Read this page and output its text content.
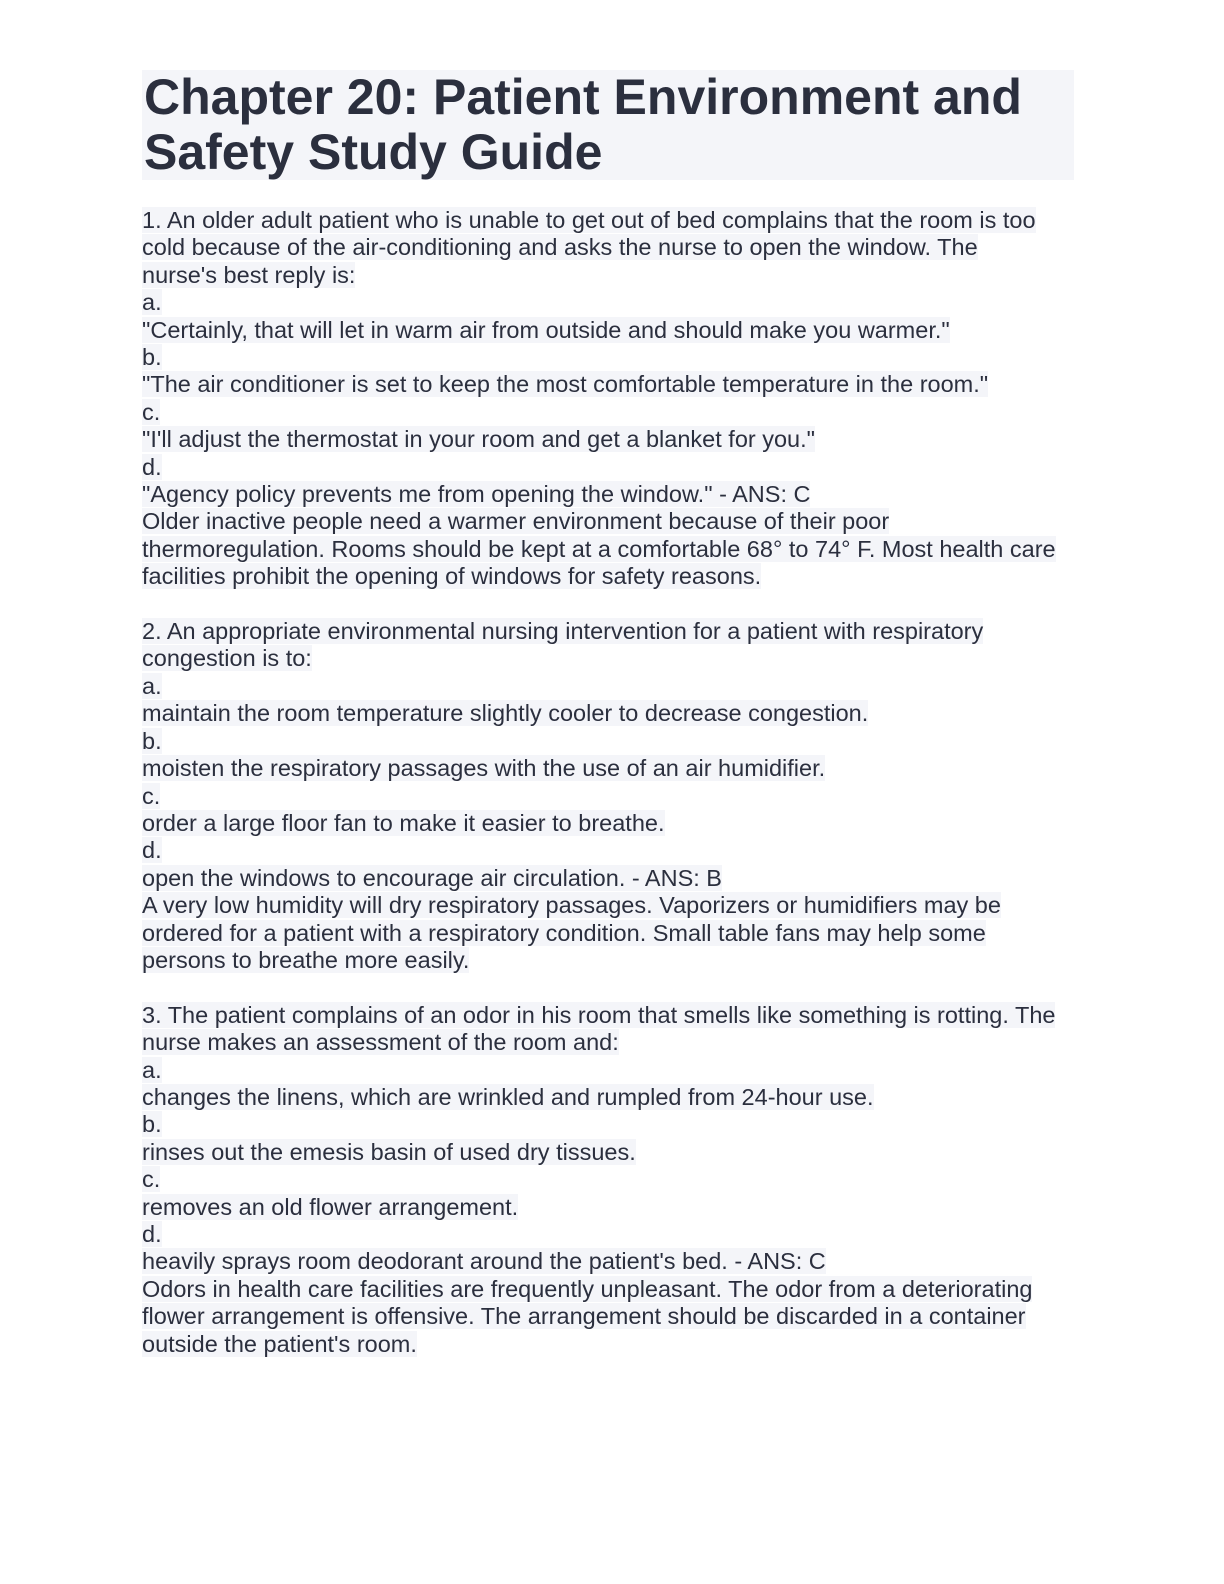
Chapter 20: Patient Environment and
Safety Study Guide
1. An older adult patient who is unable to get out of bed complains that the room is too
cold because of the air-conditioning and asks the nurse to open the window. The
nurse's best reply is:
a.
"Certainly, that will let in warm air from outside and should make you warmer."
b.
"The air conditioner is set to keep the most comfortable temperature in the room."
c.
"I'll adjust the thermostat in your room and get a blanket for you."
d.
"Agency policy prevents me from opening the window." - ANS: C
Older inactive people need a warmer environment because of their poor
thermoregulation. Rooms should be kept at a comfortable 68° to 74° F. Most health care
facilities prohibit the opening of windows for safety reasons.
2. An appropriate environmental nursing intervention for a patient with respiratory
congestion is to:
a.
maintain the room temperature slightly cooler to decrease congestion.
b.
moisten the respiratory passages with the use of an air humidifier.
c.
order a large floor fan to make it easier to breathe.
d.
open the windows to encourage air circulation. - ANS: B
A very low humidity will dry respiratory passages. Vaporizers or humidifiers may be
ordered for a patient with a respiratory condition. Small table fans may help some
persons to breathe more easily.
3. The patient complains of an odor in his room that smells like something is rotting. The
nurse makes an assessment of the room and:
a.
changes the linens, which are wrinkled and rumpled from 24-hour use.
b.
rinses out the emesis basin of used dry tissues.
c.
removes an old flower arrangement.
d.
heavily sprays room deodorant around the patient's bed. - ANS: C
Odors in health care facilities are frequently unpleasant. The odor from a deteriorating
flower arrangement is offensive. The arrangement should be discarded in a container
outside the patient's room.
